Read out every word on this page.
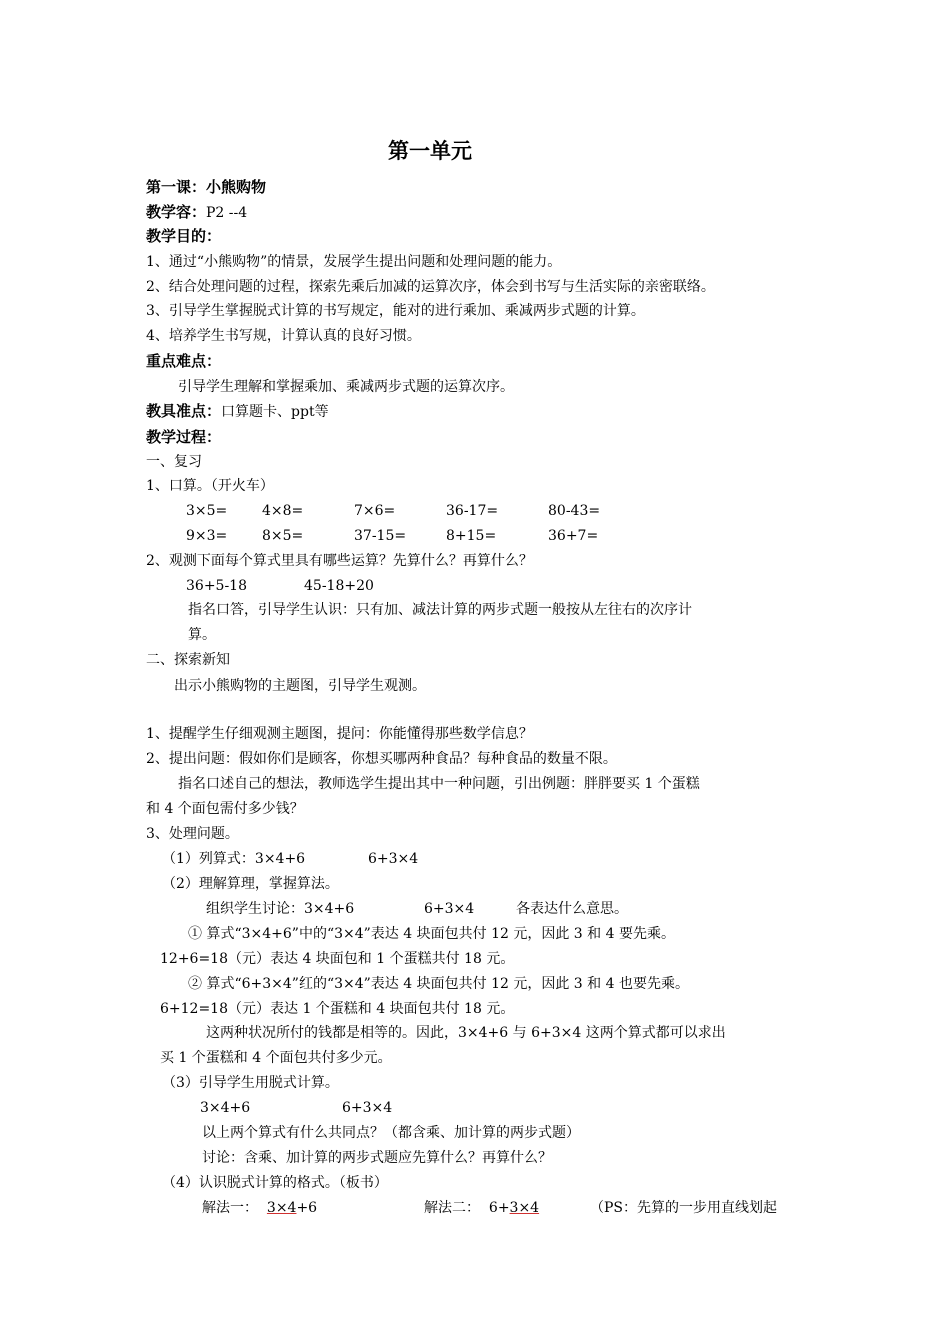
第一单元
第一课：小熊购物
教学容：P2 --4
教学目的：
1、通过“小熊购物”的情景，发展学生提出问题和处理问题的能力。
2、结合处理问题的过程，探索先乘后加减的运算次序，体会到书写与生活实际的亲密联络。
3、引导学生掌握脱式计算的书写规定，能对的进行乘加、乘减两步式题的计算。
4、培养学生书写规，计算认真的良好习惯。
重点难点：
引导学生理解和掌握乘加、乘减两步式题的运算次序。
教具准点：口算题卡、ppt等
教学过程：
一、复习
1、口算。（开火车）
3×5= 4×8=	7×6=	36-17=	80-43=
9×3= 8×5=	37-15=	8+15=	36+7=
2、观测下面每个算式里具有哪些运算？先算什么？再算什么？
36+5-18	45-18+20
指名口答，引导学生认识：只有加、减法计算的两步式题一般按从左往右的次序计
算。
二、探索新知
出示小熊购物的主题图，引导学生观测。
1、提醒学生仔细观测主题图，提问：你能懂得那些数学信息？
2、提出问题：假如你们是顾客，你想买哪两种食品？每种食品的数量不限。
指名口述自己的想法，教师选学生提出其中一种问题，引出例题：胖胖要买 1 个蛋糕
和 4 个面包需付多少钱？
3、处理问题。
（1）列算式：3×4+6	6+3×4
（2）理解算理，掌握算法。
组织学生讨论：3×4+6	6+3×4	各表达什么意思。
① 算式“3×4+6”中的“3×4”表达 4 块面包共付 12 元，因此 3 和 4 要先乘。
12+6=18（元）表达 4 块面包和 1 个蛋糕共付 18 元。
② 算式“6+3×4”红的“3×4”表达 4 块面包共付 12 元，因此 3 和 4 也要先乘。
6+12=18（元）表达 1 个蛋糕和 4 块面包共付 18 元。
这两种状况所付的钱都是相等的。因此，3×4+6 与 6+3×4 这两个算式都可以求出
买 1 个蛋糕和 4 个面包共付多少元。
（3）引导学生用脱式计算。
3×4+6	6+3×4
以上两个算式有什么共同点？（都含乘、加计算的两步式题）
讨论：含乘、加计算的两步式题应先算什么？再算什么？
（4）认识脱式计算的格式。（板书）
解法一： 3×4+6	解法二： 6+3×4	（PS：先算的一步用直线划起
